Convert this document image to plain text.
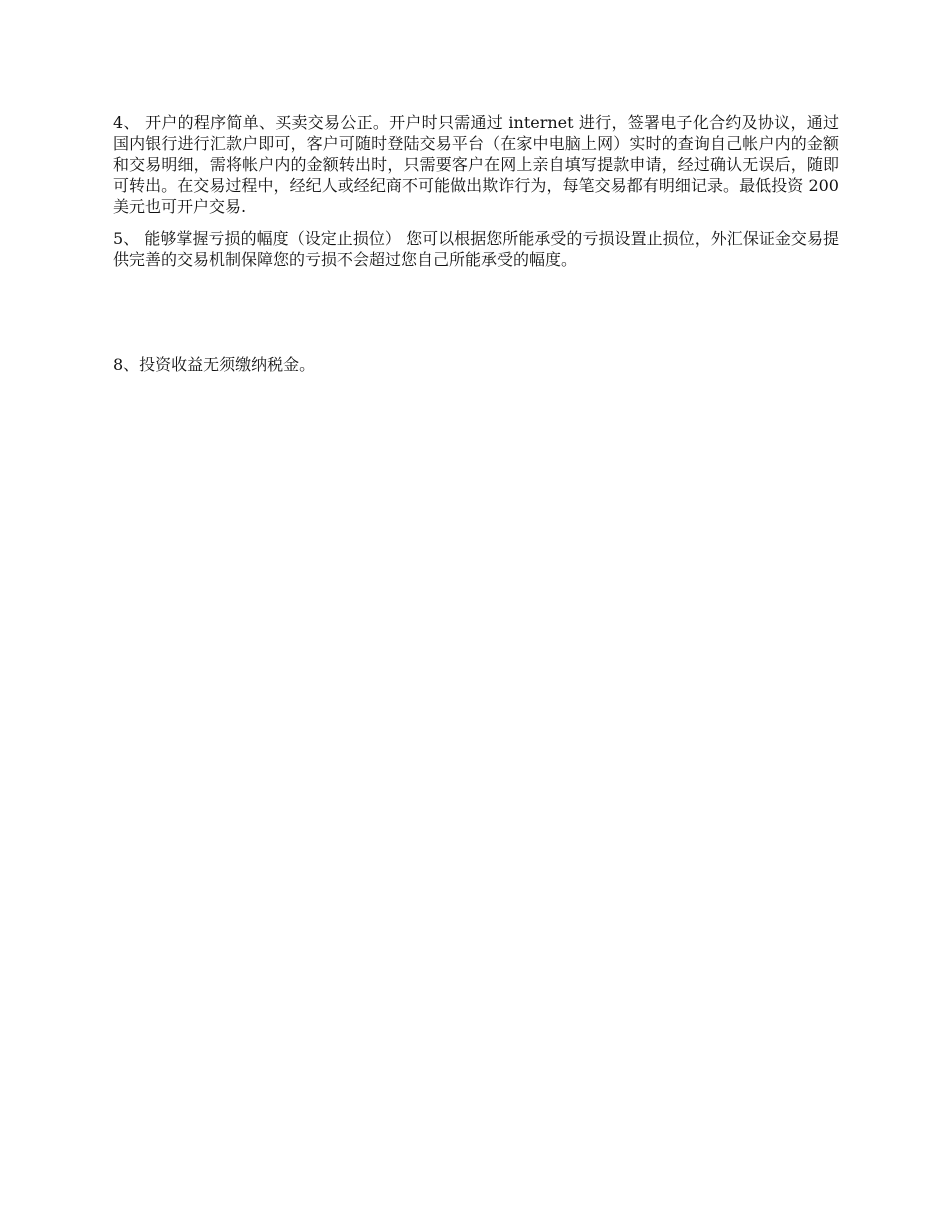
4、 开户的程序简单、买卖交易公正。开户时只需通过 internet 进行，签署电子化合约及协议，通过国内银行进行汇款户即可，客户可随时登陆交易平台（在家中电脑上网）实时的查询自己帐户内的金额和交易明细，需将帐户内的金额转出时，只需要客户在网上亲自填写提款申请，经过确认无误后，随即可转出。在交易过程中，经纪人或经纪商不可能做出欺诈行为，每笔交易都有明细记录。最低投资 200 美元也可开户交易.

5、 能够掌握亏损的幅度（设定止损位） 您可以根据您所能承受的亏损设置止损位，外汇保证金交易提供完善的交易机制保障您的亏损不会超过您自己所能承受的幅度。

8、投资收益无须缴纳税金。
